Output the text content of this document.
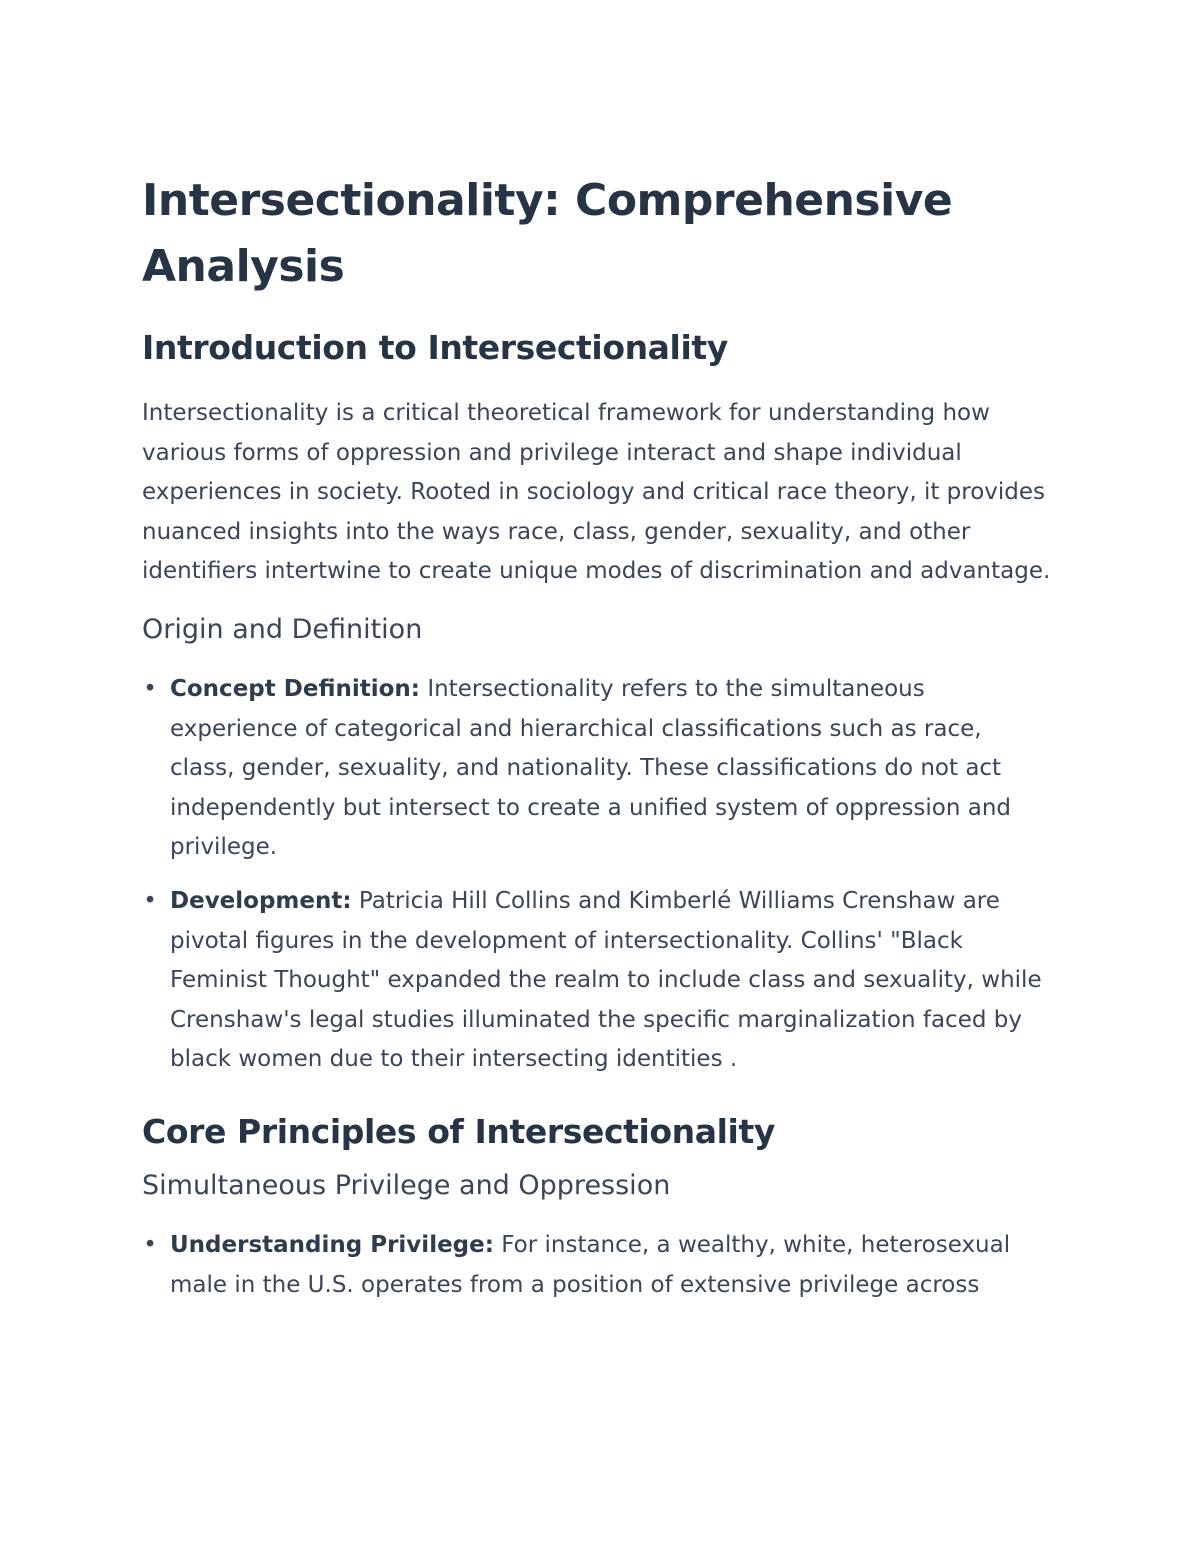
Intersectionality: Comprehensive Analysis
Introduction to Intersectionality

Intersectionality is a critical theoretical framework for understanding how various forms of oppression and privilege interact and shape individual experiences in society. Rooted in sociology and critical race theory, it provides nuanced insights into the ways race, class, gender, sexuality, and other identifiers intertwine to create unique modes of discrimination and advantage.

Origin and Definition
• Concept Definition: Intersectionality refers to the simultaneous experience of categorical and hierarchical classifications such as race, class, gender, sexuality, and nationality. These classifications do not act independently but intersect to create a unified system of oppression and privilege.
• Development: Patricia Hill Collins and Kimberlé Williams Crenshaw are pivotal figures in the development of intersectionality. Collins' "Black Feminist Thought" expanded the realm to include class and sexuality, while Crenshaw's legal studies illuminated the specific marginalization faced by black women due to their intersecting identities .
Core Principles of Intersectionality
Simultaneous Privilege and Oppression
• Understanding Privilege: For instance, a wealthy, white, heterosexual male in the U.S. operates from a position of extensive privilege across
